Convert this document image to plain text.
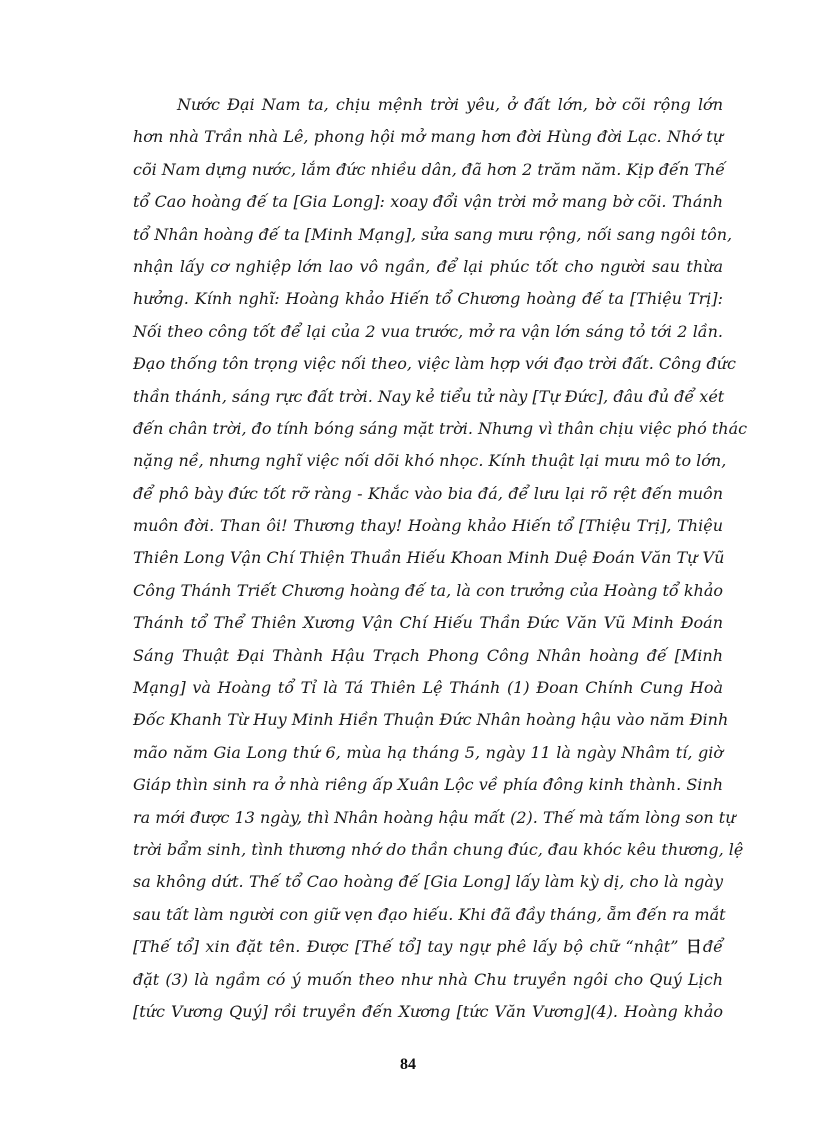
Nước Đại Nam ta, chịu mệnh trời yêu, ở đất lớn, bờ cõi rộng lớn
hơn nhà Trần nhà Lê, phong hội mở mang hơn đời Hùng đời Lạc. Nhớ tự
cõi Nam dựng nước, lắm đức nhiều dân, đã hơn 2 trăm năm. Kịp đến Thế
tổ Cao hoàng đế ta [Gia Long]: xoay đổi vận trời mở mang bờ cõi. Thánh
tổ Nhân hoàng đế ta [Minh Mạng], sửa sang mưu rộng, nối sang ngôi tôn,
nhận lấy cơ nghiệp lớn lao vô ngần, để lại phúc tốt cho người sau thừa
hưởng. Kính nghĩ: Hoàng khảo Hiến tổ Chương hoàng đế ta [Thiệu Trị]:
Nối theo công tốt để lại của 2 vua trước, mở ra vận lớn sáng tỏ tới 2 lần.
Đạo thống tôn trọng việc nối theo, việc làm hợp với đạo trời đất. Công đức
thần thánh, sáng rực đất trời. Nay kẻ tiểu tử này [Tự Đức], đâu đủ để xét
đến chân trời, đo tính bóng sáng mặt trời. Nhưng vì thân chịu việc phó thác
nặng nề, nhưng nghĩ việc nối dõi khó nhọc. Kính thuật lại mưu mô to lớn,
để phô bày đức tốt rỡ ràng - Khắc vào bia đá, để lưu lại rõ rệt đến muôn
muôn đời. Than ôi! Thương thay! Hoàng khảo Hiến tổ [Thiệu Trị], Thiệu
Thiên Long Vận Chí Thiện Thuần Hiếu Khoan Minh Duệ Đoán Văn Tự Vũ
Công Thánh Triết Chương hoàng đế ta, là con trưởng của Hoàng tổ khảo
Thánh tổ Thể Thiên Xương Vận Chí Hiếu Thần Đức Văn Vũ Minh Đoán
Sáng Thuật Đại Thành Hậu Trạch Phong Công Nhân hoàng đế [Minh
Mạng] và Hoàng tổ Tỉ là Tá Thiên Lệ Thánh (1) Đoan Chính Cung Hoà
Đốc Khanh Từ Huy Minh Hiền Thuận Đức Nhân hoàng hậu vào năm Đinh
mão năm Gia Long thứ 6, mùa hạ tháng 5, ngày 11 là ngày Nhâm tí, giờ
Giáp thìn sinh ra ở nhà riêng ấp Xuân Lộc về phía đông kinh thành. Sinh
ra mới được 13 ngày, thì Nhân hoàng hậu mất (2). Thế mà tấm lòng son tự
trời bẩm sinh, tình thương nhớ do thần chung đúc, đau khóc kêu thương, lệ
sa không dứt. Thế tổ Cao hoàng đế [Gia Long] lấy làm kỳ dị, cho là ngày
sau tất làm người con giữ vẹn đạo hiếu. Khi đã đầy tháng, ẵm đến ra mắt
[Thế tổ] xin đặt tên. Được [Thế tổ] tay ngự phê lấy bộ chữ “nhật” 日để
đặt (3) là ngầm có ý muốn theo như nhà Chu truyền ngôi cho Quý Lịch
[tức Vương Quý] rồi truyền đến Xương [tức Văn Vương](4). Hoàng khảo
84
